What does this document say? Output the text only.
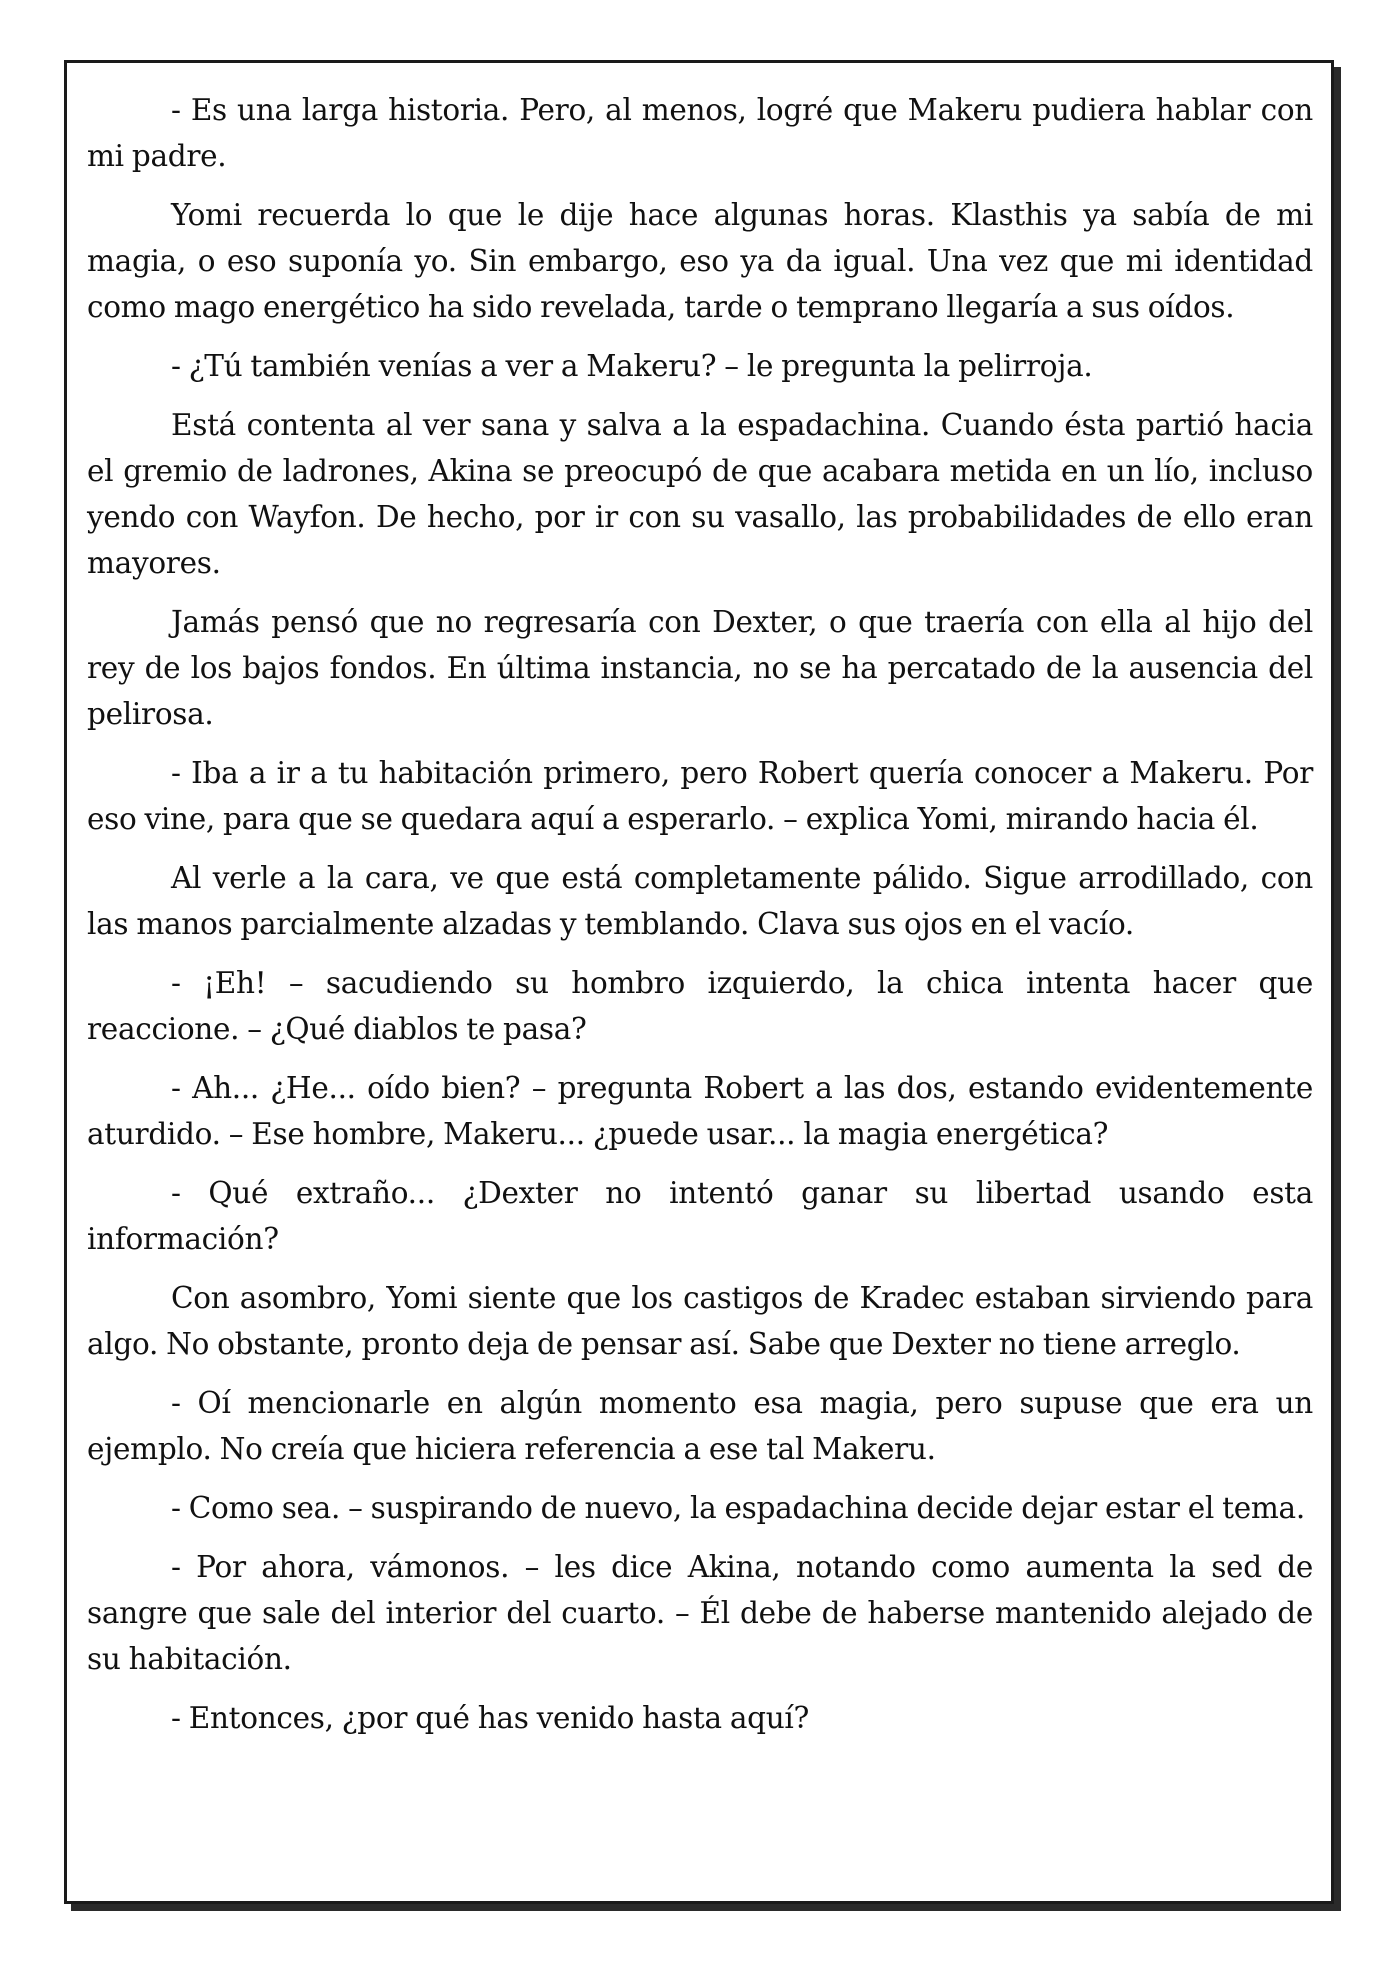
- Es una larga historia. Pero, al menos, logré que Makeru pudiera hablar con mi padre.

Yomi recuerda lo que le dije hace algunas horas. Klasthis ya sabía de mi magia, o eso suponía yo. Sin embargo, eso ya da igual. Una vez que mi identidad como mago energético ha sido revelada, tarde o temprano llegaría a sus oídos.

- ¿Tú también venías a ver a Makeru? – le pregunta la pelirroja.

Está contenta al ver sana y salva a la espadachina. Cuando ésta partió hacia el gremio de ladrones, Akina se preocupó de que acabara metida en un lío, incluso yendo con Wayfon. De hecho, por ir con su vasallo, las probabilidades de ello eran mayores.

Jamás pensó que no regresaría con Dexter, o que traería con ella al hijo del rey de los bajos fondos. En última instancia, no se ha percatado de la ausencia del pelirosa.

- Iba a ir a tu habitación primero, pero Robert quería conocer a Makeru. Por eso vine, para que se quedara aquí a esperarlo. – explica Yomi, mirando hacia él.

Al verle a la cara, ve que está completamente pálido. Sigue arrodillado, con las manos parcialmente alzadas y temblando. Clava sus ojos en el vacío.

- ¡Eh! – sacudiendo su hombro izquierdo, la chica intenta hacer que reaccione. – ¿Qué diablos te pasa?

- Ah... ¿He... oído bien? – pregunta Robert a las dos, estando evidentemente aturdido. – Ese hombre, Makeru... ¿puede usar... la magia energética?

- Qué extraño... ¿Dexter no intentó ganar su libertad usando esta información?

Con asombro, Yomi siente que los castigos de Kradec estaban sirviendo para algo. No obstante, pronto deja de pensar así. Sabe que Dexter no tiene arreglo.

- Oí mencionarle en algún momento esa magia, pero supuse que era un ejemplo. No creía que hiciera referencia a ese tal Makeru.

- Como sea. – suspirando de nuevo, la espadachina decide dejar estar el tema.

- Por ahora, vámonos. – les dice Akina, notando como aumenta la sed de sangre que sale del interior del cuarto. – Él debe de haberse mantenido alejado de su habitación.

- Entonces, ¿por qué has venido hasta aquí?
